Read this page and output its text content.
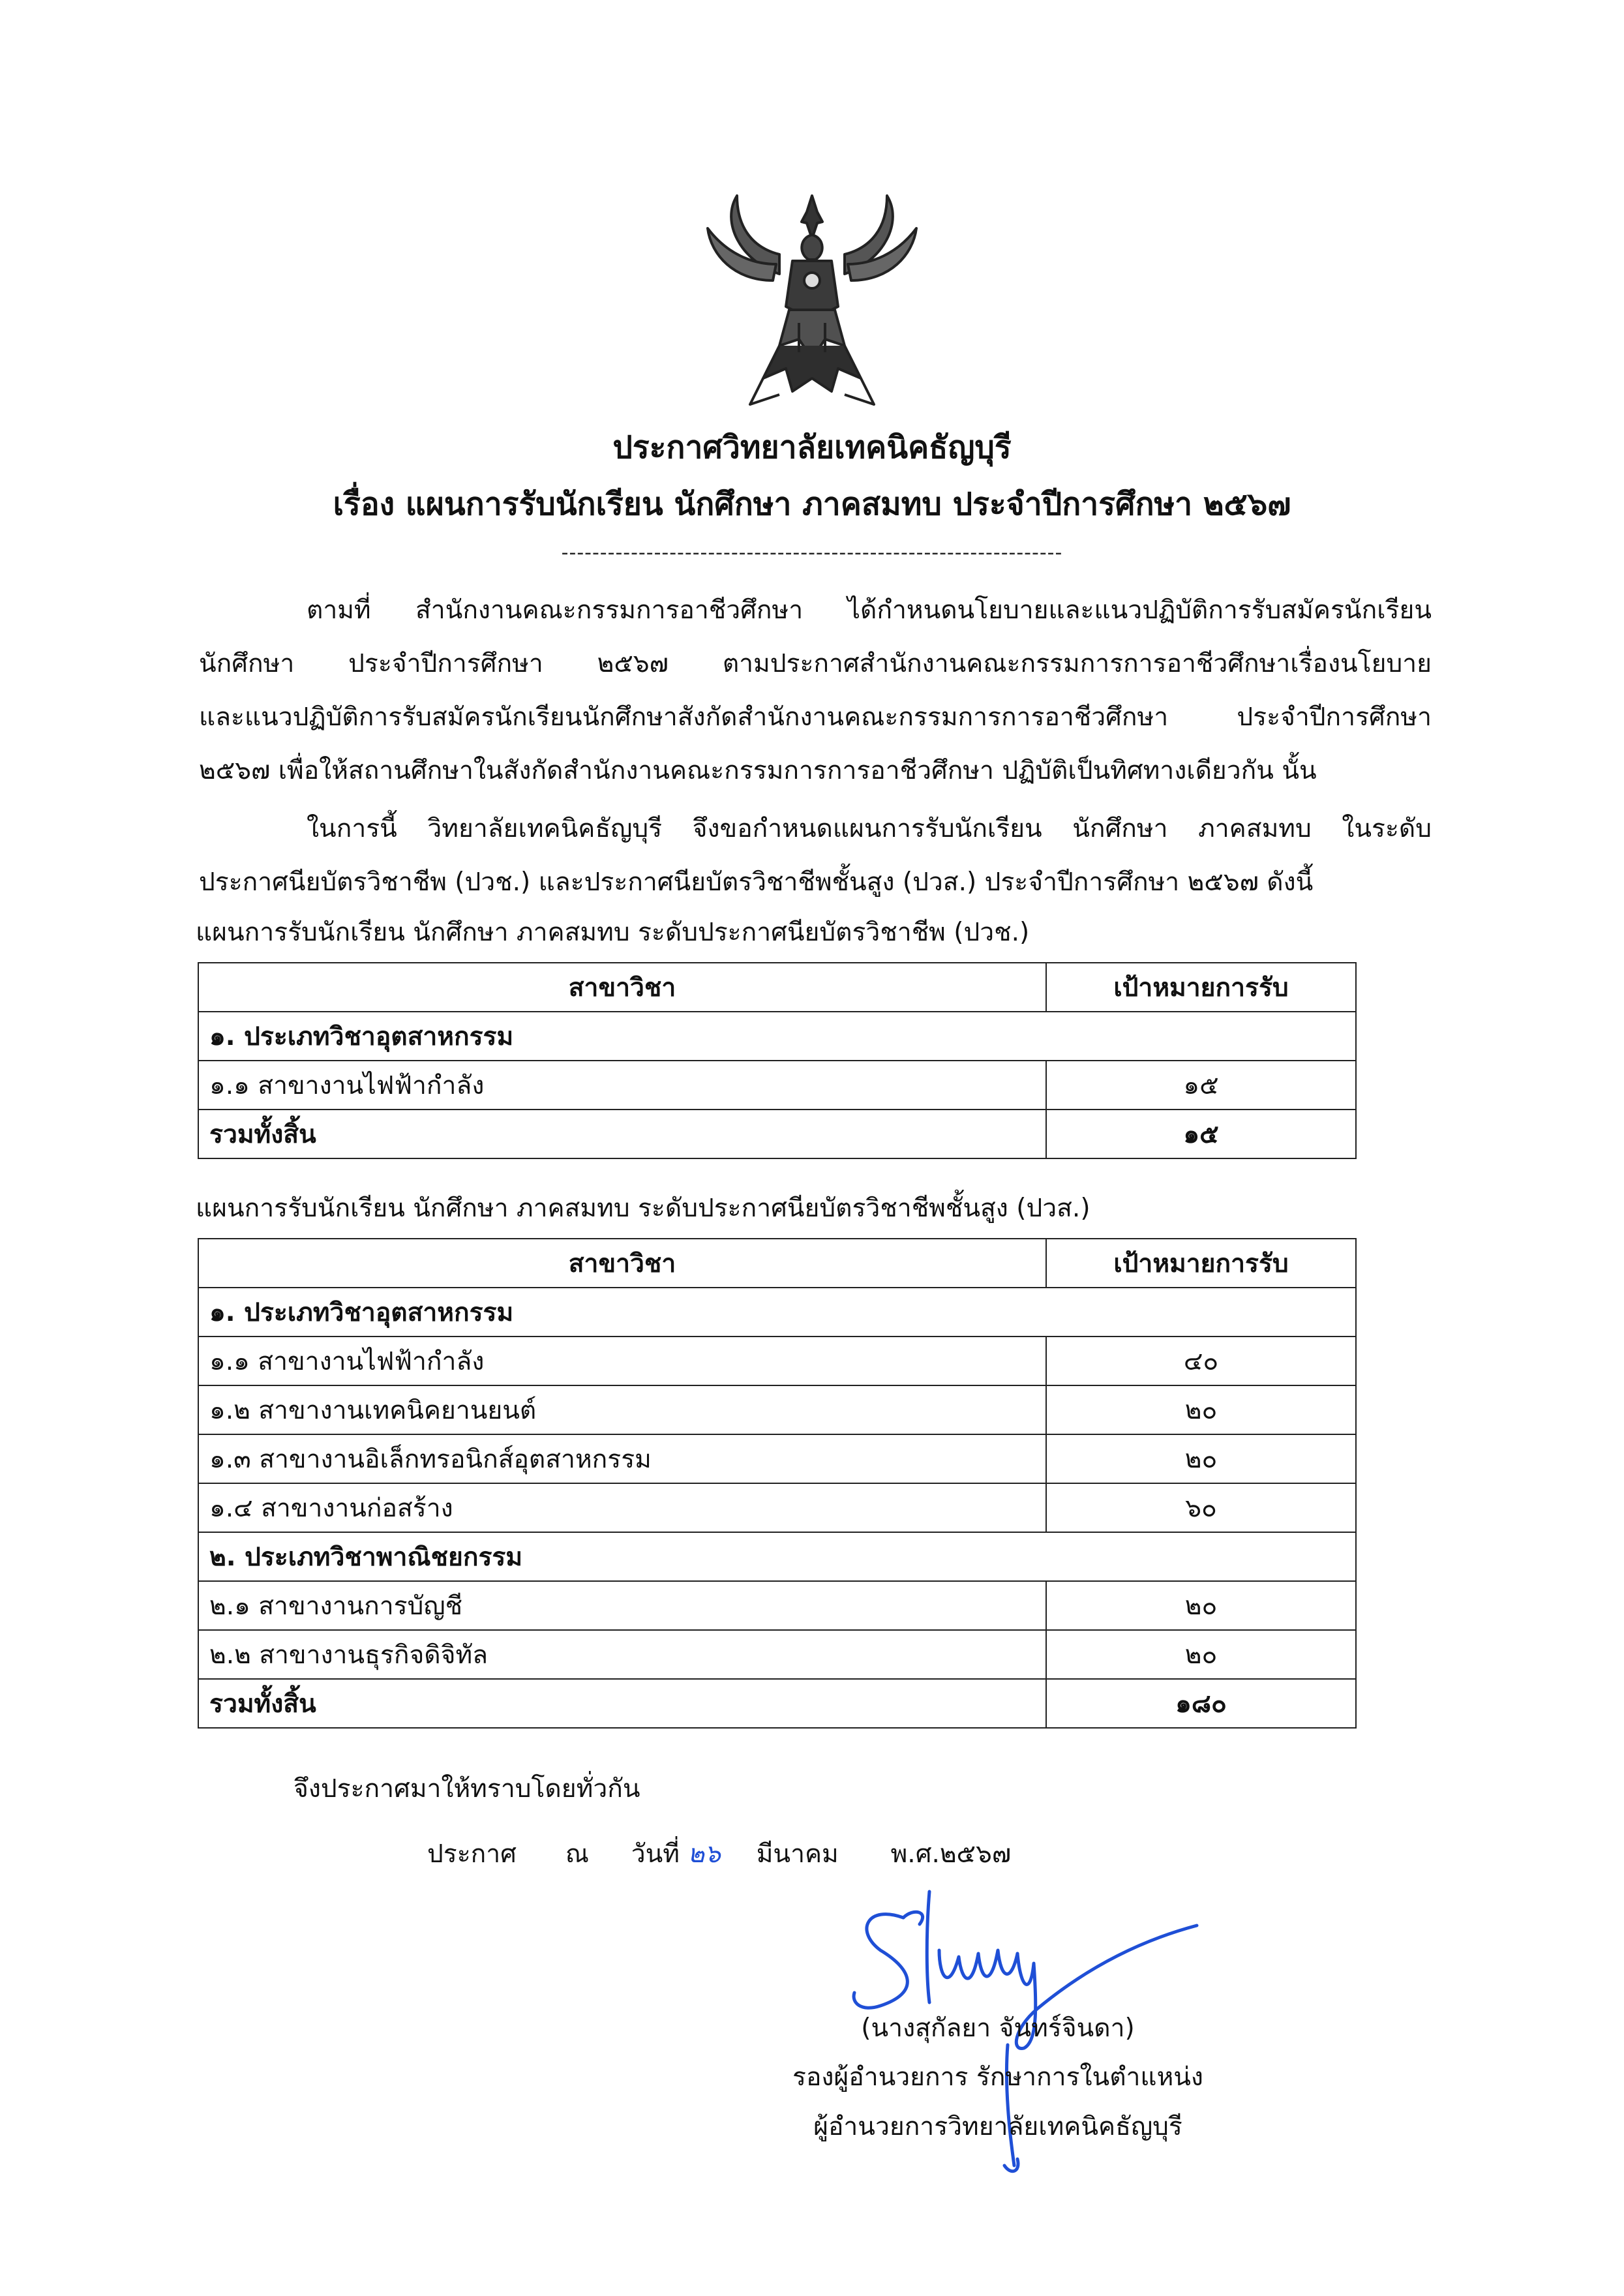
ประกาศวิทยาลัยเทคนิคธัญบุรี
เรื่อง แผนการรับนักเรียน นักศึกษา ภาคสมทบ ประจำปีการศึกษา ๒๕๖๗
-----------------------------------------------------------------
ตามที่ สำนักงานคณะกรรมการอาชีวศึกษา ได้กำหนดนโยบายและแนวปฏิบัติการรับสมัครนักเรียน
นักศึกษา ประจำปีการศึกษา ๒๕๖๗ ตามประกาศสำนักงานคณะกรรมการการอาชีวศึกษาเรื่องนโยบาย
และแนวปฏิบัติการรับสมัครนักเรียนนักศึกษาสังกัดสำนักงานคณะกรรมการการอาชีวศึกษา ประจำปีการศึกษา
๒๕๖๗ เพื่อให้สถานศึกษาในสังกัดสำนักงานคณะกรรมการการอาชีวศึกษา ปฏิบัติเป็นทิศทางเดียวกัน นั้น
ในการนี้ วิทยาลัยเทคนิคธัญบุรี จึงขอกำหนดแผนการรับนักเรียน นักศึกษา ภาคสมทบ ในระดับ
ประกาศนียบัตรวิชาชีพ (ปวช.) และประกาศนียบัตรวิชาชีพชั้นสูง (ปวส.) ประจำปีการศึกษา ๒๕๖๗ ดังนี้
แผนการรับนักเรียน นักศึกษา ภาคสมทบ ระดับประกาศนียบัตรวิชาชีพ (ปวช.)
สาขาวิชา	เป้าหมายการรับ
๑. ประเภทวิชาอุตสาหกรรม	
๑.๑ สาขางานไฟฟ้ากำลัง	๑๕
รวมทั้งสิ้น	๑๕
แผนการรับนักเรียน นักศึกษา ภาคสมทบ ระดับประกาศนียบัตรวิชาชีพชั้นสูง (ปวส.)
สาขาวิชา	เป้าหมายการรับ
๑. ประเภทวิชาอุตสาหกรรม	
๑.๑ สาขางานไฟฟ้ากำลัง	๔๐
๑.๒ สาขางานเทคนิคยานยนต์	๒๐
๑.๓ สาขางานอิเล็กทรอนิกส์อุตสาหกรรม	๒๐
๑.๔ สาขางานก่อสร้าง	๖๐
๒. ประเภทวิชาพาณิชยกรรม	
๒.๑ สาขางานการบัญชี	๒๐
๒.๒ สาขางานธุรกิจดิจิทัล	๒๐
รวมทั้งสิ้น	๑๘๐
จึงประกาศมาให้ทราบโดยทั่วกัน
ประกาศ ณ วันที่ ๒๖ มีนาคม พ.ศ.๒๕๖๗
(นางสุกัลยา จันทร์จินดา)
รองผู้อำนวยการ รักษาการในตำแหน่ง
ผู้อำนวยการวิทยาลัยเทคนิคธัญบุรี
